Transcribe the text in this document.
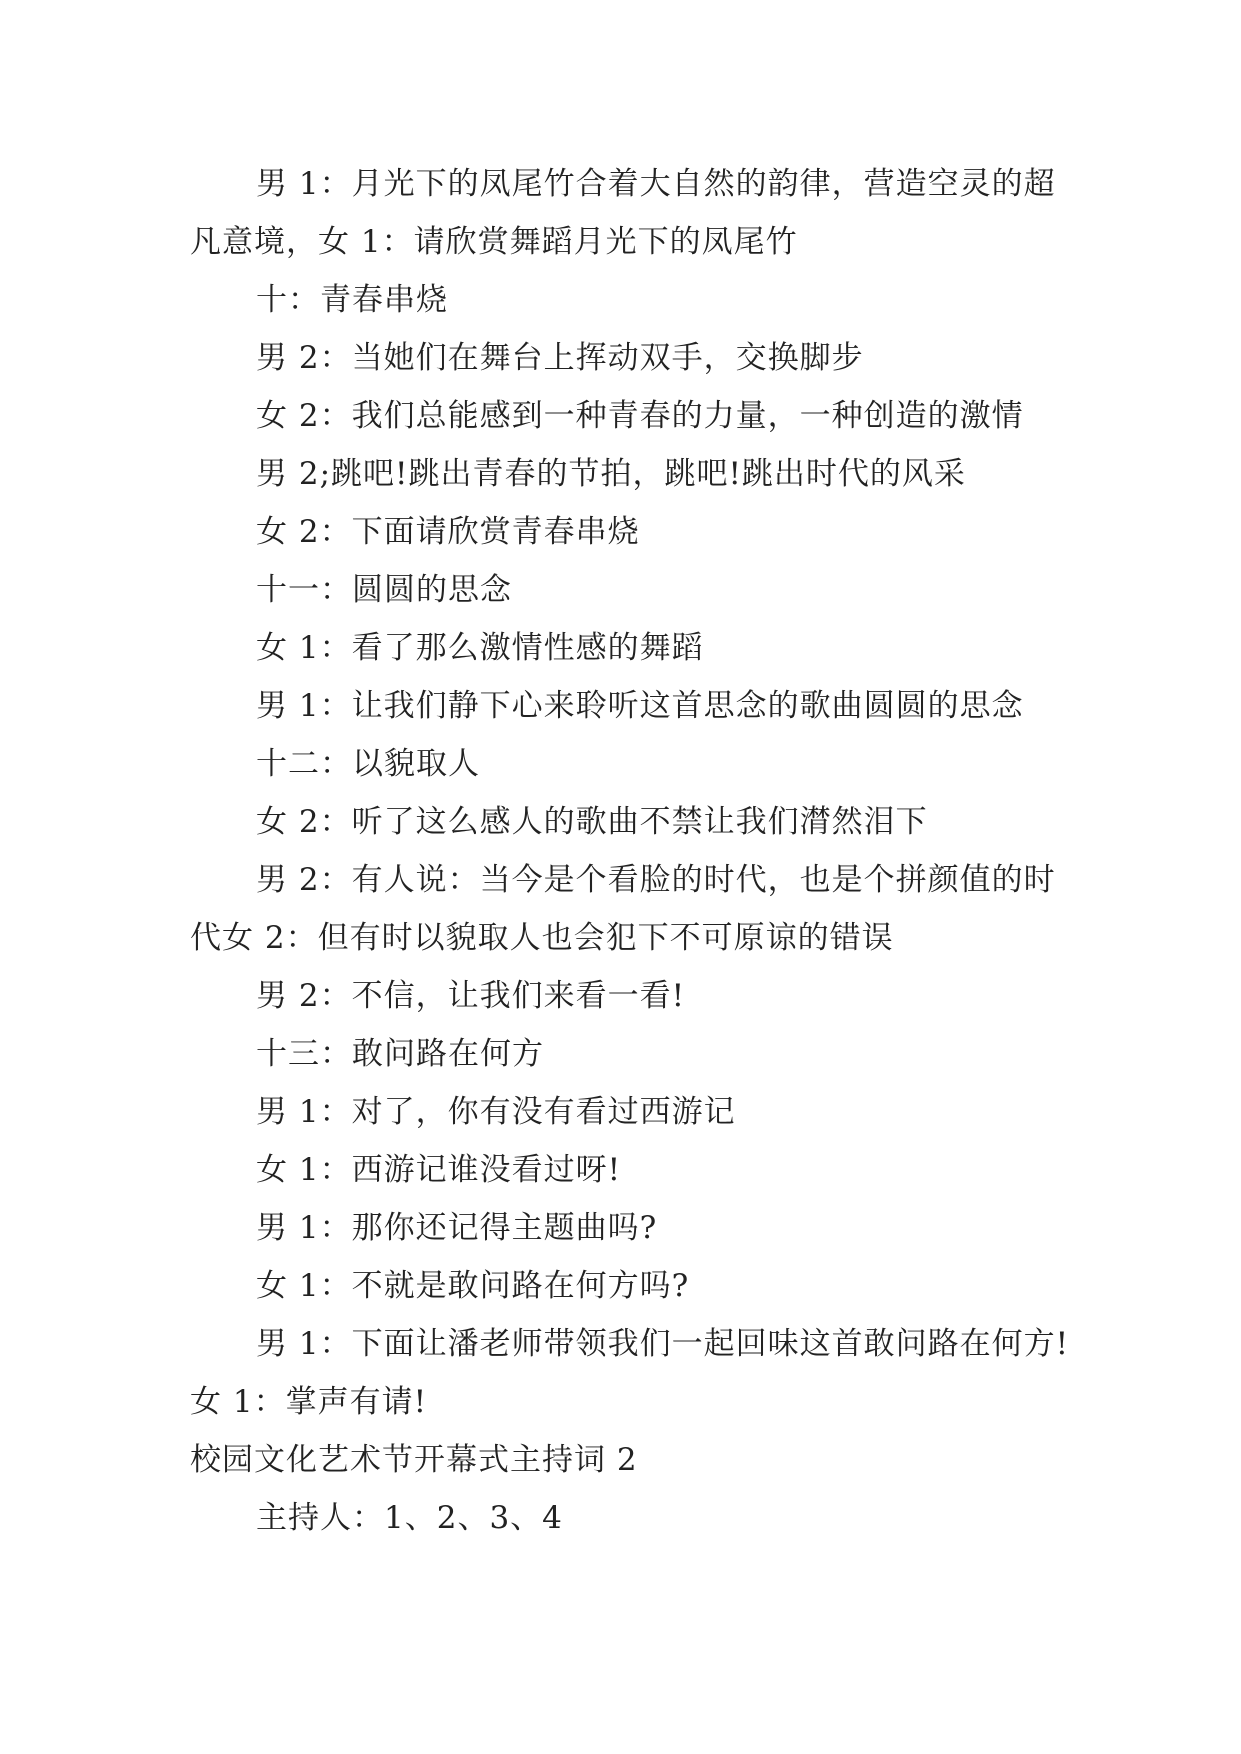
男 1：月光下的凤尾竹合着大自然的韵律，营造空灵的超凡意境，女 1：请欣赏舞蹈月光下的凤尾竹

十：青春串烧

男 2：当她们在舞台上挥动双手，交换脚步

女 2：我们总能感到一种青春的力量，一种创造的激情

男 2;跳吧!跳出青春的节拍，跳吧!跳出时代的风采

女 2：下面请欣赏青春串烧

十一：圆圆的思念

女 1：看了那么激情性感的舞蹈

男 1：让我们静下心来聆听这首思念的歌曲圆圆的思念

十二：以貌取人

女 2：听了这么感人的歌曲不禁让我们潸然泪下

男 2：有人说：当今是个看脸的时代，也是个拼颜值的时代女 2：但有时以貌取人也会犯下不可原谅的错误

男 2：不信，让我们来看一看!

十三：敢问路在何方

男 1：对了，你有没有看过西游记

女 1：西游记谁没看过呀!

男 1：那你还记得主题曲吗?

女 1：不就是敢问路在何方吗?

男 1：下面让潘老师带领我们一起回味这首敢问路在何方!女 1：掌声有请!

校园文化艺术节开幕式主持词 2

主持人：1、2、3、4
